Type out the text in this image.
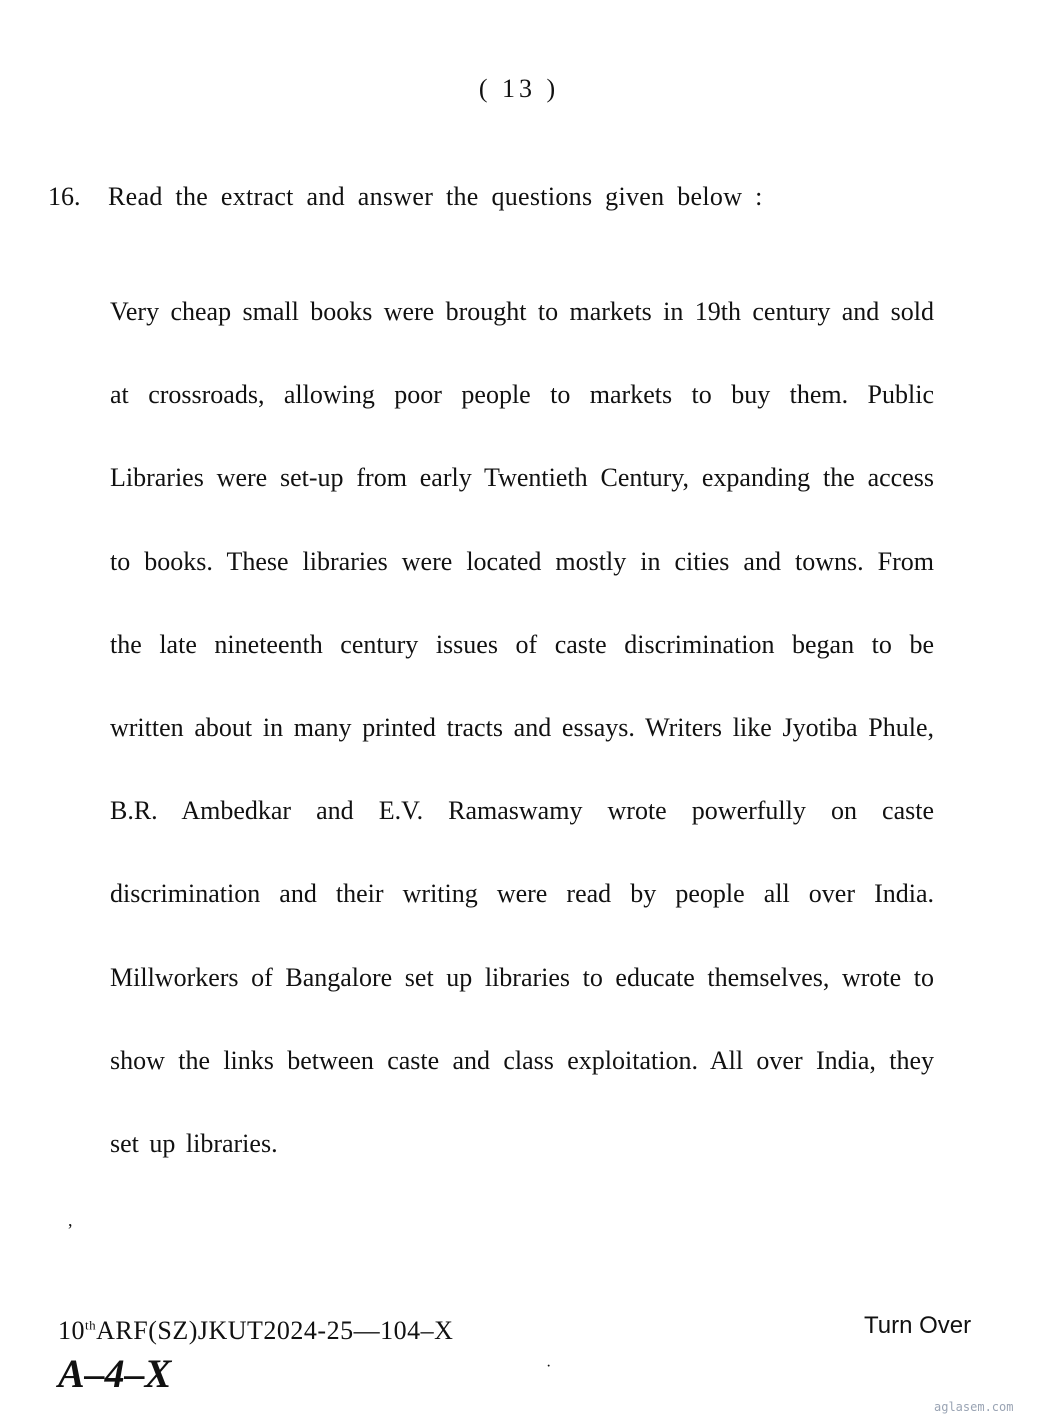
( 13 )
16. Read the extract and answer the questions given below :

Very cheap small books were brought to markets in 19th century and sold at crossroads, allowing poor people to markets to buy them. Public Libraries were set-up from early Twentieth Century, expanding the access to books. These libraries were located mostly in cities and towns. From the late nineteenth century issues of caste discrimination began to be written about in many printed tracts and essays. Writers like Jyotiba Phule, B.R. Ambedkar and E.V. Ramaswamy wrote powerfully on caste discrimination and their writing were read by people all over India. Millworkers of Bangalore set up libraries to educate themselves, wrote to show the links between caste and class exploitation. All over India, they set up libraries.

,
10thARF(SZ)JKUT2024-25—104–X
A–4–X
Turn Over
·
aglasem.com
